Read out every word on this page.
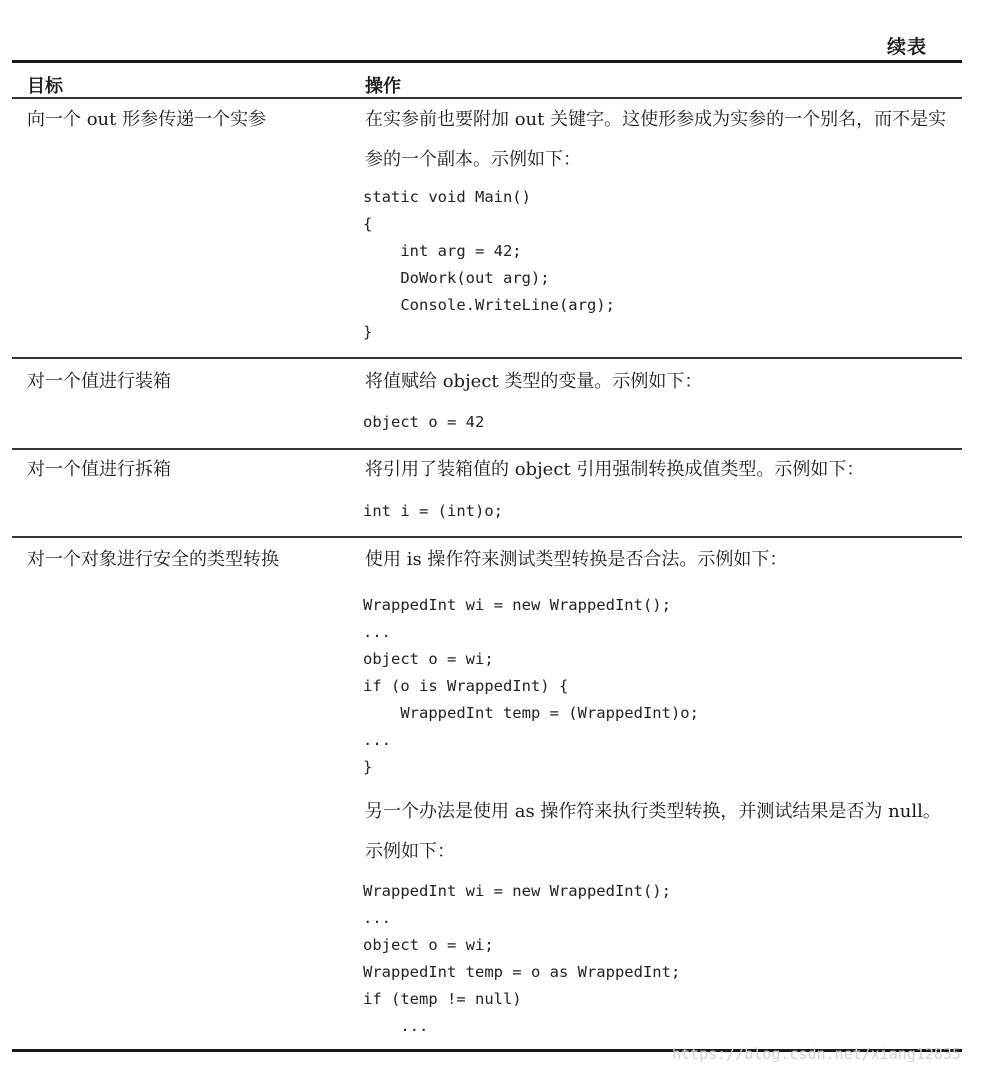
续表
目标	操作
向一个 out 形参传递一个实参	在实参前也要附加 out 关键字。这使形参成为实参的一个别名，而不是实参的一个副本。示例如下：
static void Main()
{
int arg = 42;
DoWork(out arg);
Console.WriteLine(arg);
}
对一个值进行装箱	将值赋给 object 类型的变量。示例如下：
object o = 42
对一个值进行拆箱	将引用了装箱值的 object 引用强制转换成值类型。示例如下：
int i = (int)o;
对一个对象进行安全的类型转换	使用 is 操作符来测试类型转换是否合法。示例如下：
WrappedInt wi = new WrappedInt();
...
object o = wi;
if (o is WrappedInt) {
WrappedInt temp = (WrappedInt)o;
...
}
另一个办法是使用 as 操作符来执行类型转换，并测试结果是否为 null。示例如下：
WrappedInt wi = new WrappedInt();
...
object o = wi;
WrappedInt temp = o as WrappedInt;
if (temp != null)
...
https://blog.csdn.net/xiang12835
